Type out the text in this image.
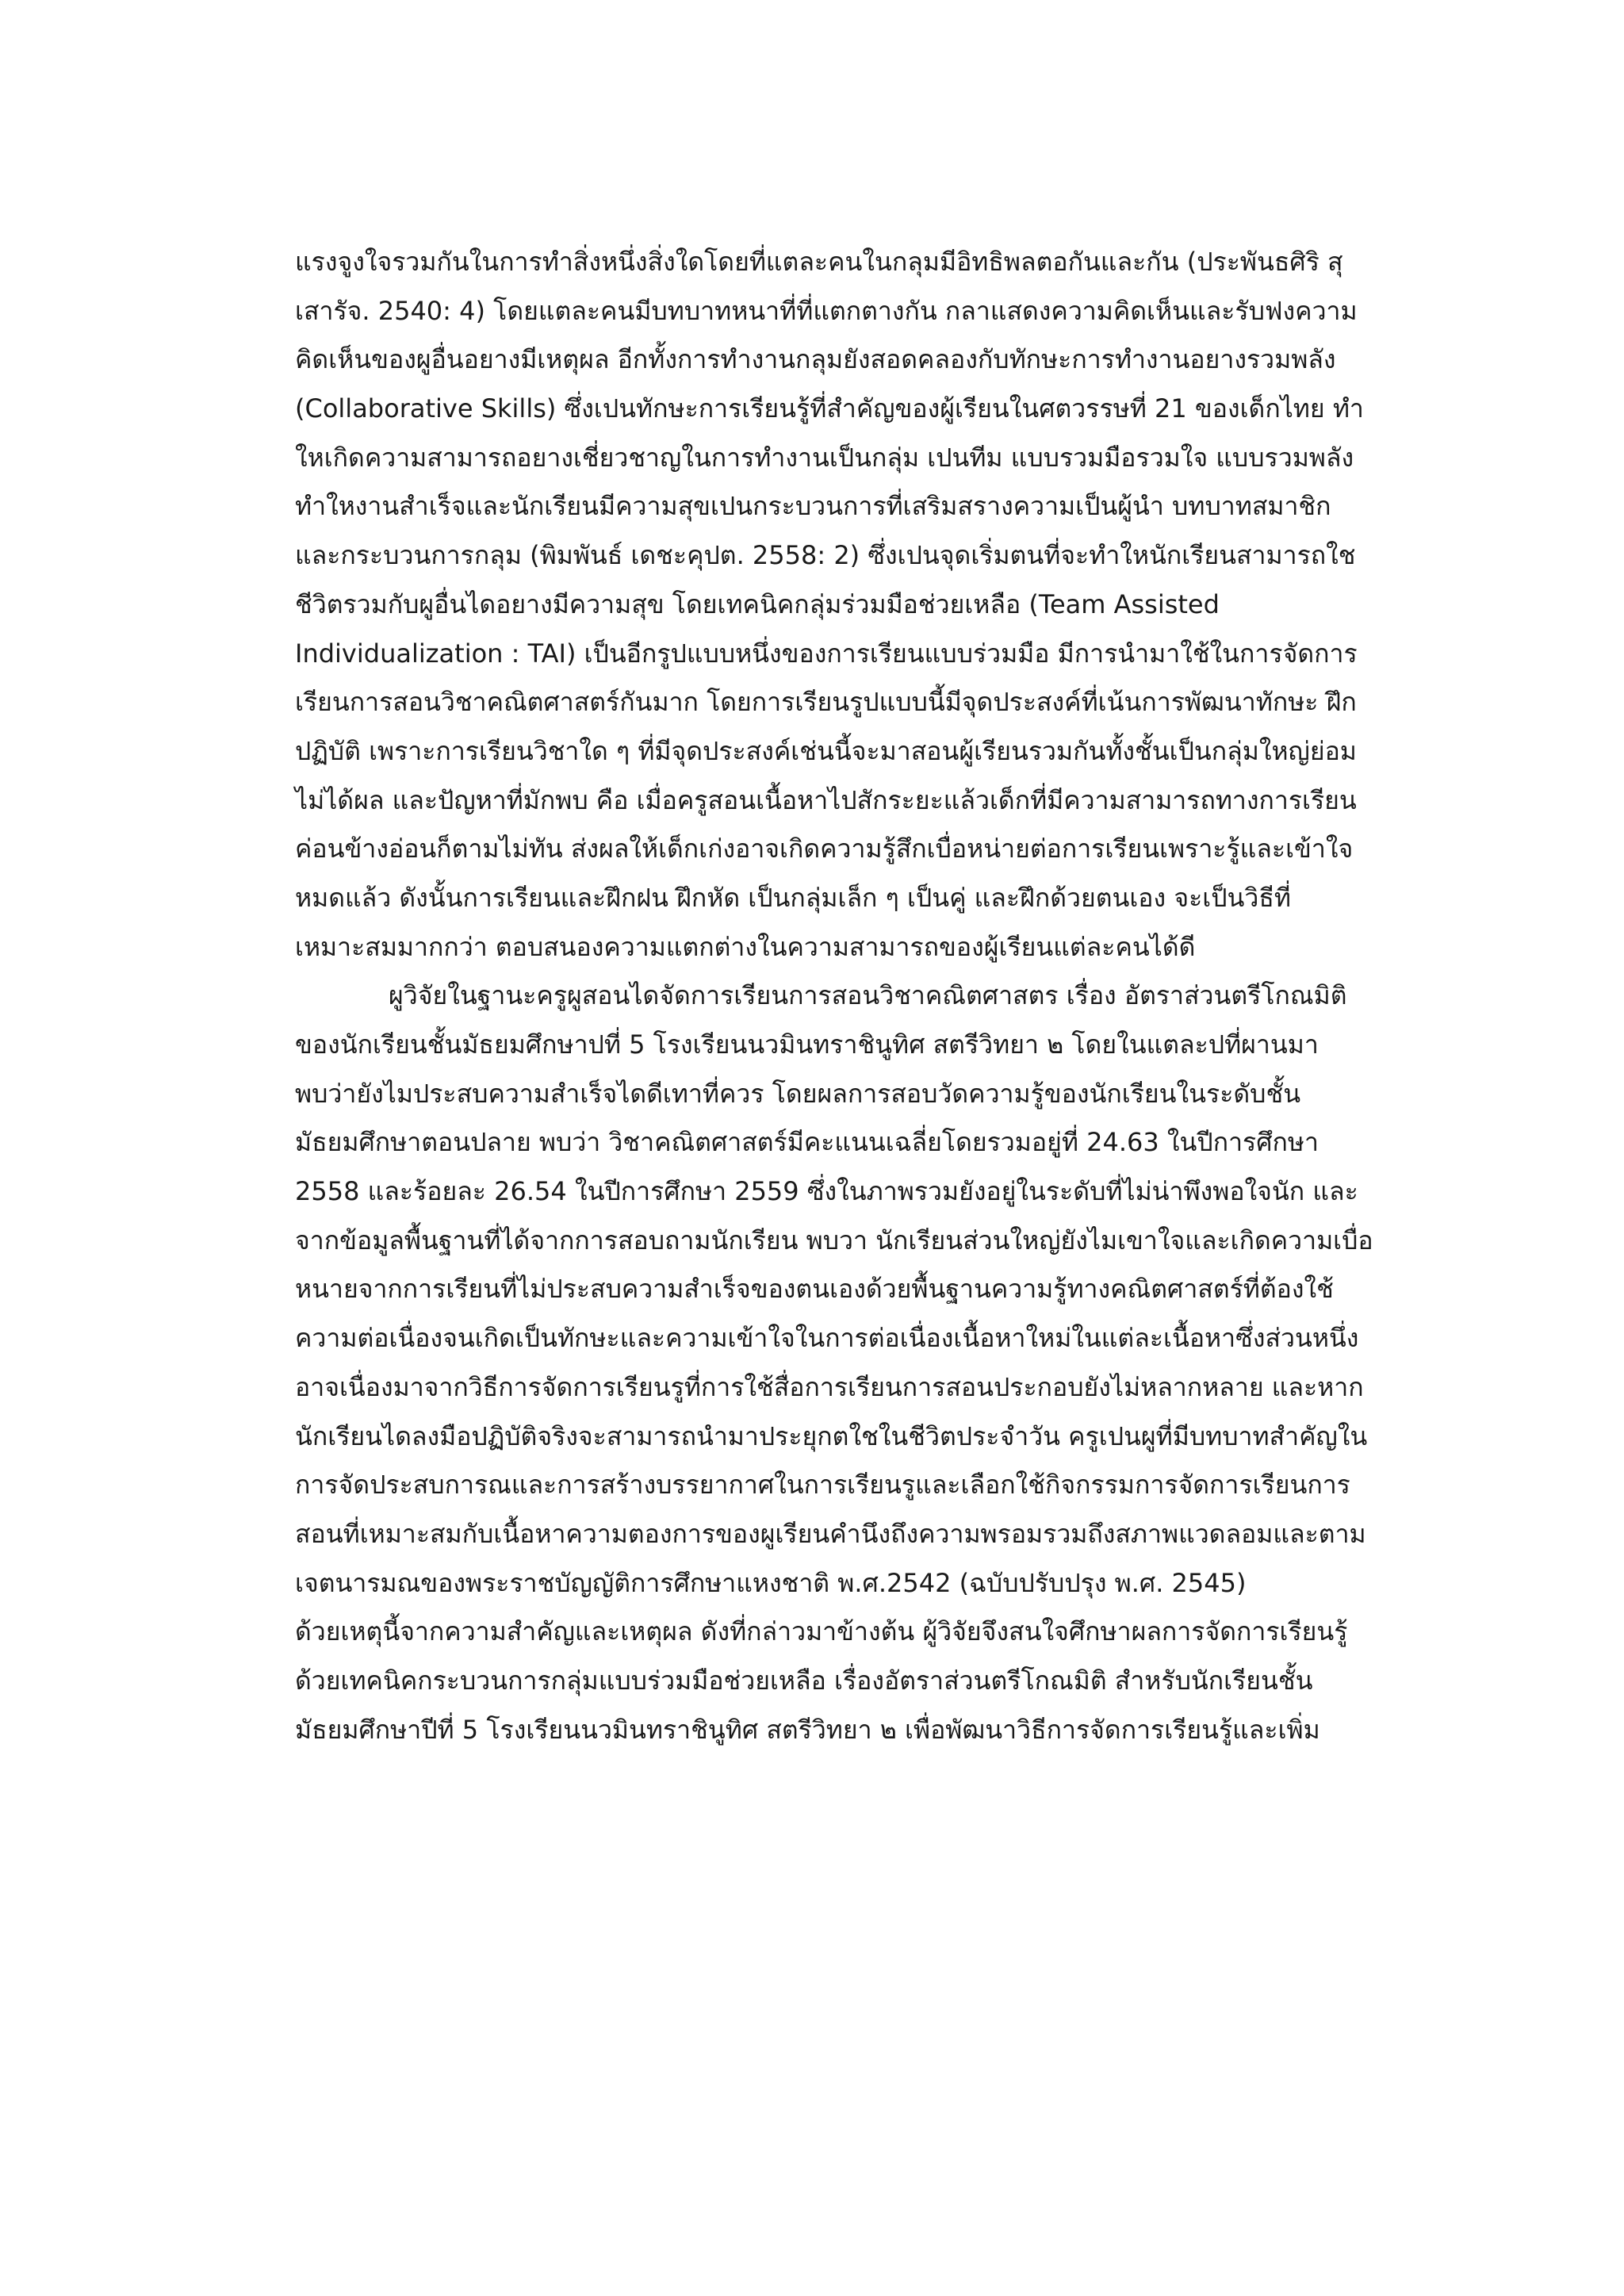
แรงจูงใจรวมกันในการทำสิ่งหนึ่งสิ่งใดโดยที่แตละคนในกลุมมีอิทธิพลตอกันและกัน (ประพันธศิริ สุ
เสารัจ. 2540: 4) โดยแตละคนมีบทบาทหนาที่ที่แตกตางกัน กลาแสดงความคิดเห็นและรับฟงความ
คิดเห็นของผูอื่นอยางมีเหตุผล อีกทั้งการทำงานกลุมยังสอดคลองกับทักษะการทำงานอยางรวมพลัง
(Collaborative Skills) ซึ่งเปนทักษะการเรียนรู้ที่สำคัญของผู้เรียนในศตวรรษที่ 21 ของเด็กไทย ทำ
ใหเกิดความสามารถอยางเชี่ยวชาญในการทำงานเป็นกลุ่ม เปนทีม แบบรวมมือรวมใจ แบบรวมพลัง
ทำใหงานสำเร็จและนักเรียนมีความสุขเปนกระบวนการที่เสริมสรางความเป็นผู้นำ บทบาทสมาชิก
และกระบวนการกลุม (พิมพันธ์ เดชะคุปต. 2558: 2) ซึ่งเปนจุดเริ่มตนที่จะทำใหนักเรียนสามารถใช
ชีวิตรวมกับผูอื่นไดอยางมีความสุข โดยเทคนิคกลุ่มร่วมมือช่วยเหลือ (Team Assisted
Individualization : TAI) เป็นอีกรูปแบบหนึ่งของการเรียนแบบร่วมมือ มีการนำมาใช้ในการจัดการ
เรียนการสอนวิชาคณิตศาสตร์กันมาก โดยการเรียนรูปแบบนี้มีจุดประสงค์ที่เน้นการพัฒนาทักษะ ฝึก
ปฏิบัติ เพราะการเรียนวิชาใด ๆ ที่มีจุดประสงค์เช่นนี้จะมาสอนผู้เรียนรวมกันทั้งชั้นเป็นกลุ่มใหญ่ย่อม
ไม่ได้ผล และปัญหาที่มักพบ คือ เมื่อครูสอนเนื้อหาไปสักระยะแล้วเด็กที่มีความสามารถทางการเรียน
ค่อนข้างอ่อนก็ตามไม่ทัน ส่งผลให้เด็กเก่งอาจเกิดความรู้สึกเบื่อหน่ายต่อการเรียนเพราะรู้และเข้าใจ
หมดแล้ว ดังนั้นการเรียนและฝึกฝน ฝึกหัด เป็นกลุ่มเล็ก ๆ เป็นคู่ และฝึกด้วยตนเอง จะเป็นวิธีที่
เหมาะสมมากกว่า ตอบสนองความแตกต่างในความสามารถของผู้เรียนแต่ละคนได้ดี
ผูวิจัยในฐานะครูผูสอนไดจัดการเรียนการสอนวิชาคณิตศาสตร เรื่อง อัตราส่วนตรีโกณมิติ
ของนักเรียนชั้นมัธยมศึกษาปที่ 5 โรงเรียนนวมินทราชินูทิศ สตรีวิทยา ๒ โดยในแตละปที่ผานมา
พบว่ายังไมประสบความสำเร็จไดดีเทาที่ควร โดยผลการสอบวัดความรู้ของนักเรียนในระดับชั้น
มัธยมศึกษาตอนปลาย พบว่า วิชาคณิตศาสตร์มีคะแนนเฉลี่ยโดยรวมอยู่ที่ 24.63 ในปีการศึกษา
2558 และร้อยละ 26.54 ในปีการศึกษา 2559 ซึ่งในภาพรวมยังอยู่ในระดับที่ไม่น่าพึงพอใจนัก และ
จากข้อมูลพื้นฐานที่ได้จากการสอบถามนักเรียน พบวา นักเรียนส่วนใหญ่ยังไมเขาใจและเกิดความเบื่อ
หนายจากการเรียนที่ไม่ประสบความสำเร็จของตนเองด้วยพื้นฐานความรู้ทางคณิตศาสตร์ที่ต้องใช้
ความต่อเนื่องจนเกิดเป็นทักษะและความเข้าใจในการต่อเนื่องเนื้อหาใหม่ในแต่ละเนื้อหาซึ่งส่วนหนึ่ง
อาจเนื่องมาจากวิธีการจัดการเรียนรูที่การใช้สื่อการเรียนการสอนประกอบยังไม่หลากหลาย และหาก
นักเรียนไดลงมือปฏิบัติจริงจะสามารถนำมาประยุกตใชในชีวิตประจำวัน ครูเปนผูที่มีบทบาทสำคัญใน
การจัดประสบการณและการสร้างบรรยากาศในการเรียนรูและเลือกใช้กิจกรรมการจัดการเรียนการ
สอนที่เหมาะสมกับเนื้อหาความตองการของผูเรียนคำนึงถึงความพรอมรวมถึงสภาพแวดลอมและตาม
เจตนารมณของพระราชบัญญัติการศึกษาแหงชาติ พ.ศ.2542 (ฉบับปรับปรุง พ.ศ. 2545)
ด้วยเหตุนี้จากความสำคัญและเหตุผล ดังที่กล่าวมาข้างต้น ผู้วิจัยจึงสนใจศึกษาผลการจัดการเรียนรู้
ด้วยเทคนิคกระบวนการกลุ่มแบบร่วมมือช่วยเหลือ เรื่องอัตราส่วนตรีโกณมิติ สำหรับนักเรียนชั้น
มัธยมศึกษาปีที่ 5 โรงเรียนนวมินทราชินูทิศ สตรีวิทยา ๒ เพื่อพัฒนาวิธีการจัดการเรียนรู้และเพิ่ม
